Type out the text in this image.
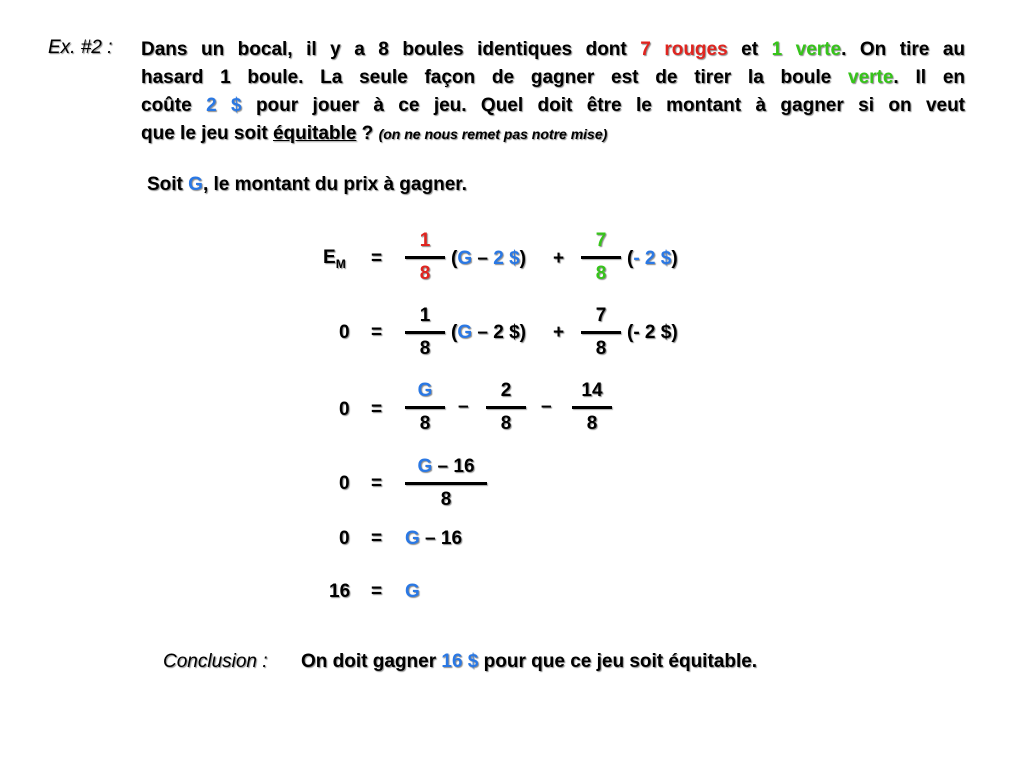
Ex. #2 : Dans un bocal, il y a 8 boules identiques dont 7 rouges et 1 verte. On tire au
hasard 1 boule. La seule façon de gagner est de tirer la boule verte. Il en
coûte 2 $ pour jouer à ce jeu. Quel doit être le montant à gagner si on veut
que le jeu soit équitable ? (on ne nous remet pas notre mise)
Soit G, le montant du prix à gagner.
$E_M$ =
1
8
(G – 2 $) +
7
8
(- 2 $)
0 =
1
8
(G – 2 $) +
7
8
(- 2 $)
0 =
G
8
–
2
8
–
14
8
0 =
G – 16
8
0 = G – 16
16 = G
Conclusion : On doit gagner 16 $ pour que ce jeu soit équitable.
